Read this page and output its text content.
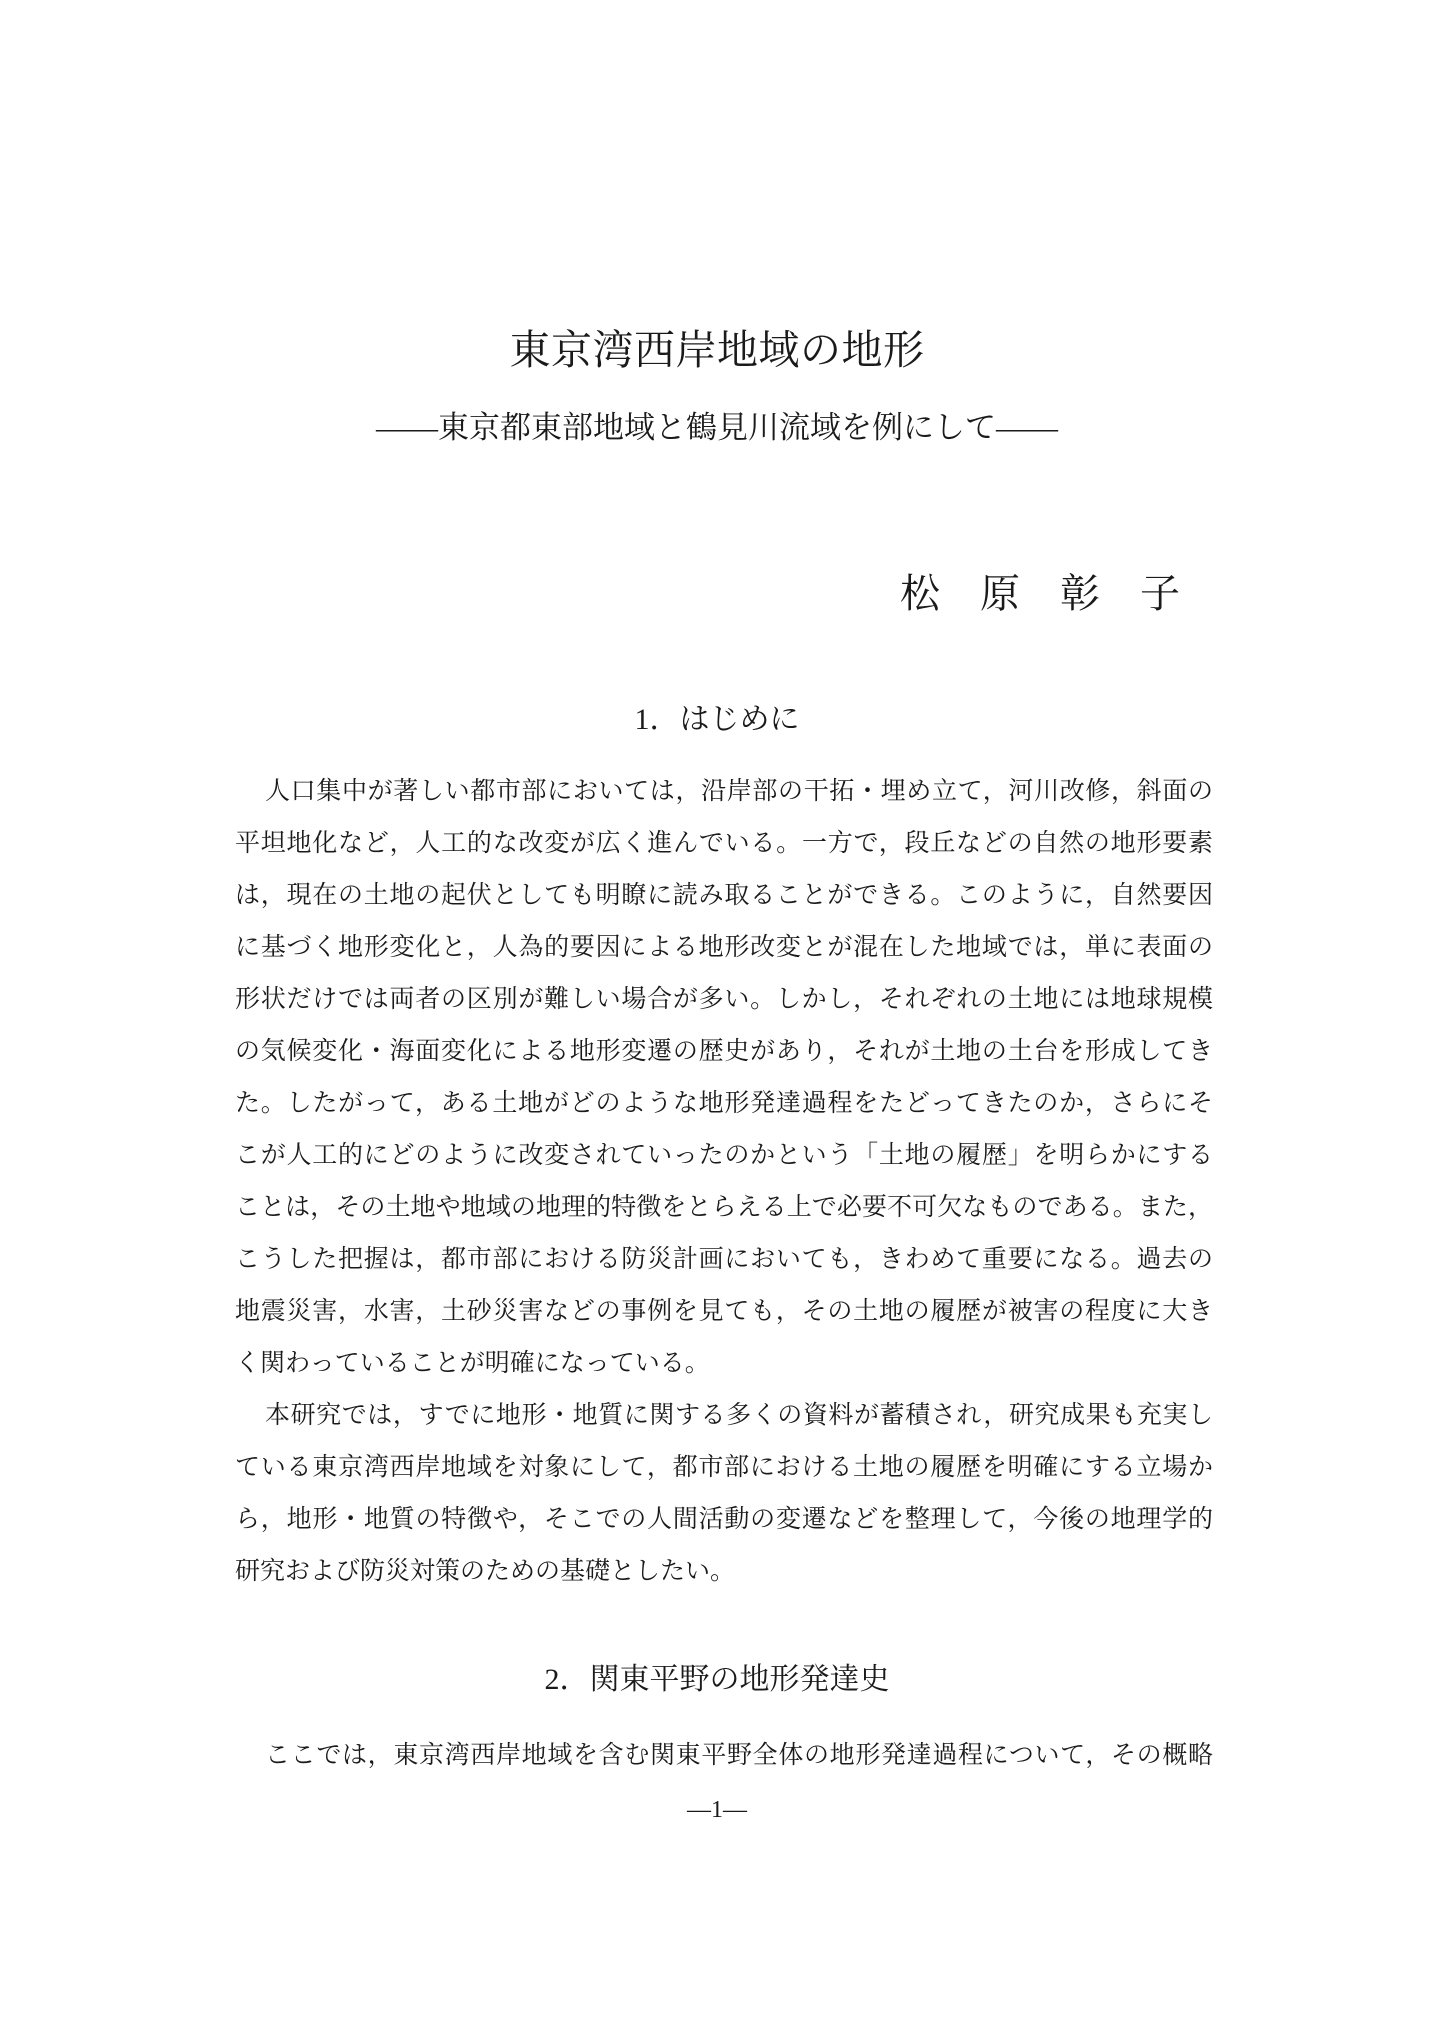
東京湾西岸地域の地形
——東京都東部地域と鶴見川流域を例にして——
松　原　彰　子
1．はじめに
人口集中が著しい都市部においては，沿岸部の干拓・埋め立て，河川改修，斜面の
平坦地化など，人工的な改変が広く進んでいる。一方で，段丘などの自然の地形要素
は，現在の土地の起伏としても明瞭に読み取ることができる。このように，自然要因
に基づく地形変化と，人為的要因による地形改変とが混在した地域では，単に表面の
形状だけでは両者の区別が難しい場合が多い。しかし，それぞれの土地には地球規模
の気候変化・海面変化による地形変遷の歴史があり，それが土地の土台を形成してき
た。したがって，ある土地がどのような地形発達過程をたどってきたのか，さらにそ
こが人工的にどのように改変されていったのかという「土地の履歴」を明らかにする
ことは，その土地や地域の地理的特徴をとらえる上で必要不可欠なものである。また，
こうした把握は，都市部における防災計画においても，きわめて重要になる。過去の
地震災害，水害，土砂災害などの事例を見ても，その土地の履歴が被害の程度に大き
く関わっていることが明確になっている。
本研究では，すでに地形・地質に関する多くの資料が蓄積され，研究成果も充実し
ている東京湾西岸地域を対象にして，都市部における土地の履歴を明確にする立場か
ら，地形・地質の特徴や，そこでの人間活動の変遷などを整理して，今後の地理学的
研究および防災対策のための基礎としたい。
2．関東平野の地形発達史
ここでは，東京湾西岸地域を含む関東平野全体の地形発達過程について，その概略
—1—
